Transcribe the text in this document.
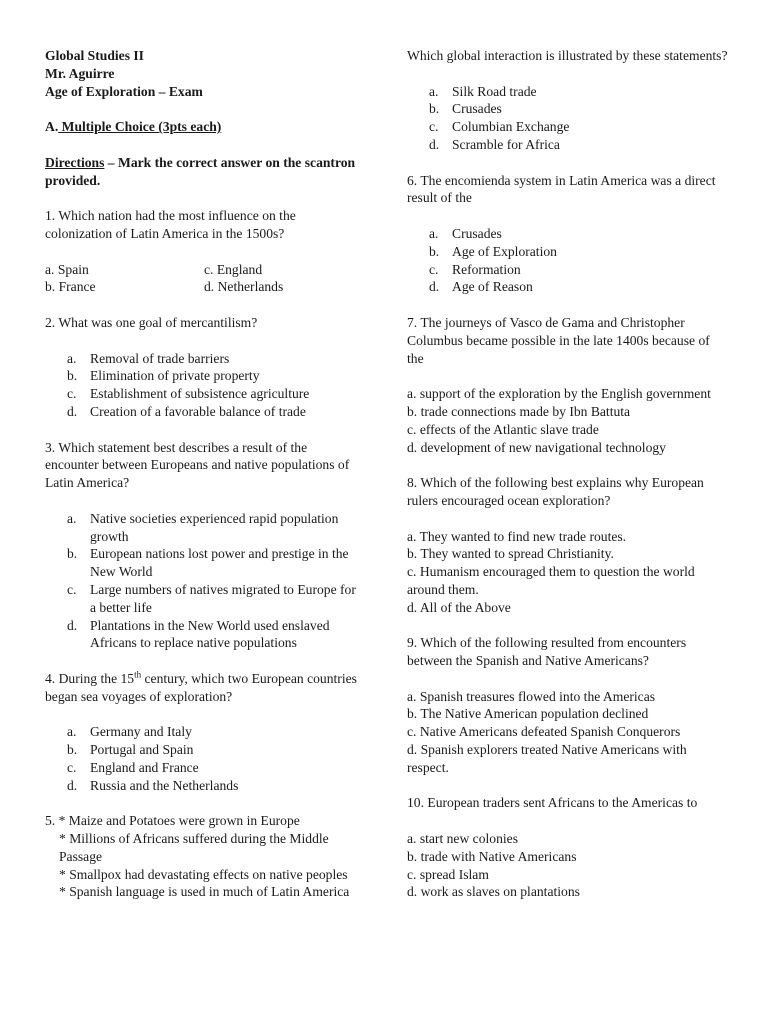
Global Studies II

Mr. Aguirre

Age of Exploration – Exam

A. Multiple Choice (3pts each)

Directions – Mark the correct answer on the scantron provided.

1. Which nation had the most influence on the colonization of Latin America in the 1500s?

a. Spain

b. France

c. England

d. Netherlands

2. What was one goal of mercantilism?

a. Removal of trade barriers
b. Elimination of private property
c. Establishment of subsistence agriculture
d. Creation of a favorable balance of trade

3. Which statement best describes a result of the encounter between Europeans and native populations of Latin America?

a. Native societies experienced rapid population growth
b. European nations lost power and prestige in the New World
c. Large numbers of natives migrated to Europe for a better life
d. Plantations in the New World used enslaved Africans to replace native populations

4. During the 15th century, which two European countries began sea voyages of exploration?

a. Germany and Italy
b. Portugal and Spain
c. England and France
d. Russia and the Netherlands

5. * Maize and Potatoes were grown in Europe

* Millions of Africans suffered during the Middle Passage

* Smallpox had devastating effects on native peoples

* Spanish language is used in much of Latin America

Which global interaction is illustrated by these statements?

a. Silk Road trade
b. Crusades
c. Columbian Exchange
d. Scramble for Africa

6. The encomienda system in Latin America was a direct result of the

a. Crusades
b. Age of Exploration
c. Reformation
d. Age of Reason

7. The journeys of Vasco de Gama and Christopher Columbus became possible in the late 1400s because of the

a. support of the exploration by the English government

b. trade connections made by Ibn Battuta

c. effects of the Atlantic slave trade

d. development of new navigational technology

8. Which of the following best explains why European rulers encouraged ocean exploration?

a. They wanted to find new trade routes.

b. They wanted to spread Christianity.

c. Humanism encouraged them to question the world around them.

d. All of the Above

9. Which of the following resulted from encounters between the Spanish and Native Americans?

a. Spanish treasures flowed into the Americas

b. The Native American population declined

c. Native Americans defeated Spanish Conquerors

d. Spanish explorers treated Native Americans with respect.

10. European traders sent Africans to the Americas to

a. start new colonies

b. trade with Native Americans

c. spread Islam

d. work as slaves on plantations
